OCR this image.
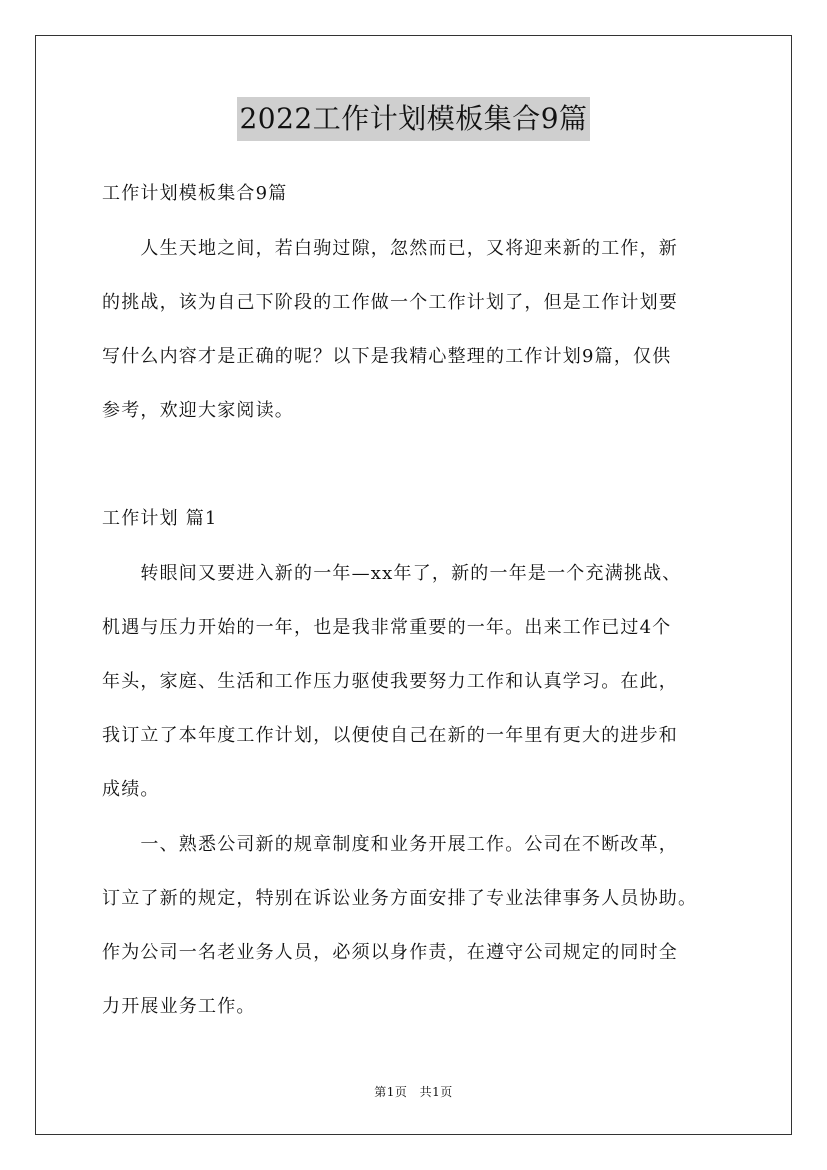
2022工作计划模板集合9篇
工作计划模板集合9篇
　　人生天地之间，若白驹过隙，忽然而已，又将迎来新的工作，新
的挑战，该为自己下阶段的工作做一个工作计划了，但是工作计划要
写什么内容才是正确的呢？以下是我精心整理的工作计划9篇，仅供
参考，欢迎大家阅读。
工作计划 篇1
　　转眼间又要进入新的一年—xx年了，新的一年是一个充满挑战、
机遇与压力开始的一年，也是我非常重要的一年。出来工作已过4个
年头，家庭、生活和工作压力驱使我要努力工作和认真学习。在此，
我订立了本年度工作计划，以便使自己在新的一年里有更大的进步和
成绩。
　　一、熟悉公司新的规章制度和业务开展工作。公司在不断改革，
订立了新的规定，特别在诉讼业务方面安排了专业法律事务人员协助。
作为公司一名老业务人员，必须以身作责，在遵守公司规定的同时全
力开展业务工作。
第1页 共1页
